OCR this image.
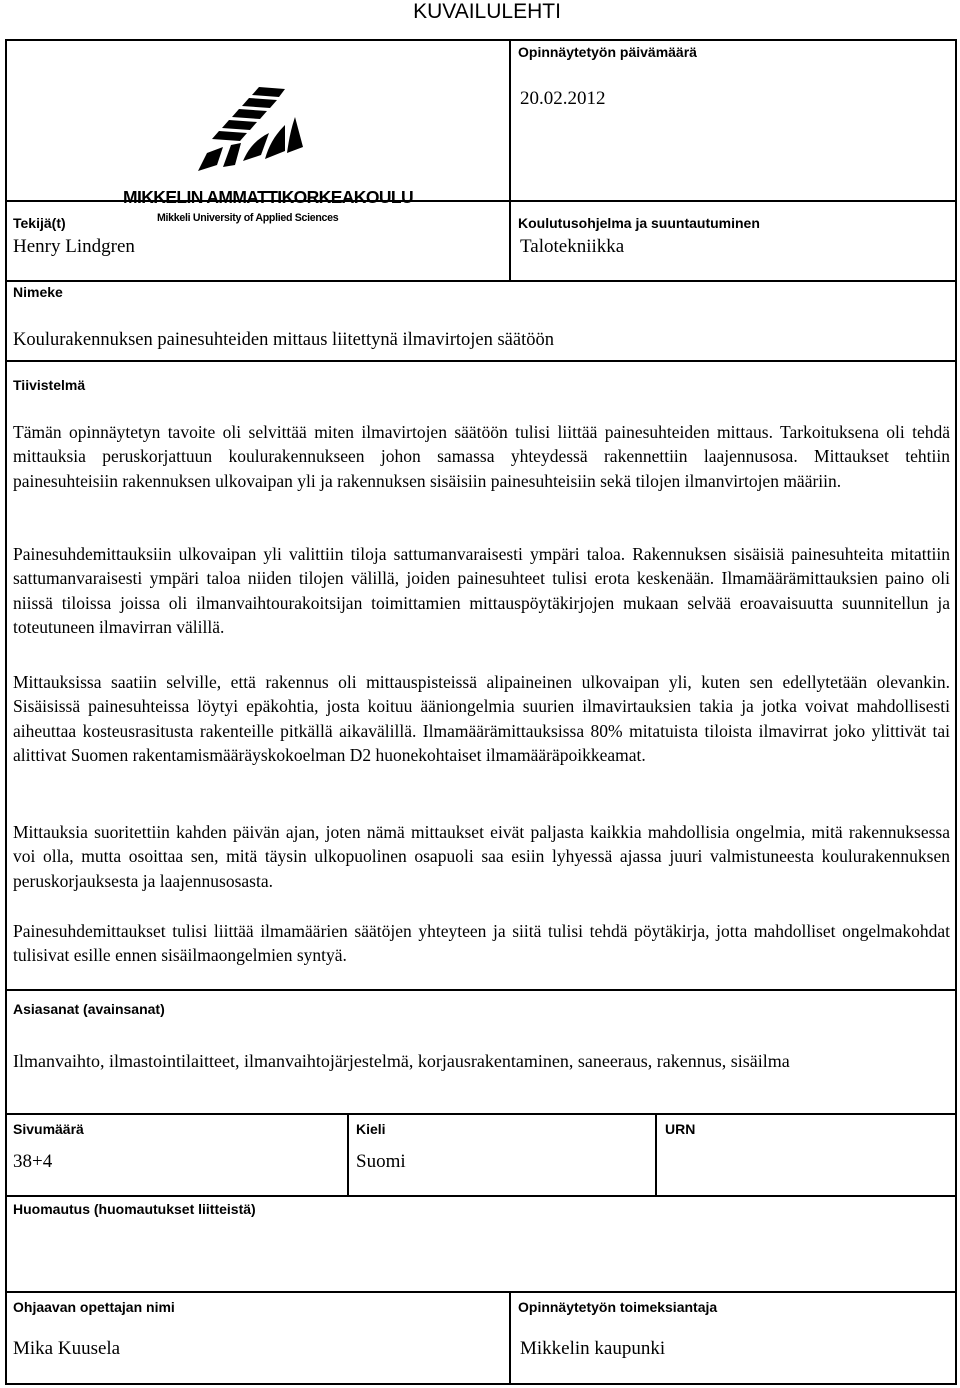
KUVAILULEHTI
MIKKELIN AMMATTIKORKEAKOULU
Mikkeli University of Applied Sciences
Opinnäytetyön päivämäärä
20.02.2012
Tekijä(t)
Henry Lindgren
Koulutusohjelma ja suuntautuminen
Talotekniikka
Nimeke
Koulurakennuksen painesuhteiden mittaus liitettynä ilmavirtojen säätöön
Tiivistelmä

Tämän opinnäytetyn tavoite oli selvittää miten ilmavirtojen säätöön tulisi liittää painesuhteiden mittaus. Tarkoituksena oli tehdä mittauksia peruskorjattuun koulurakennukseen johon samassa yhteydessä rakennettiin laajennusosa. Mittaukset tehtiin painesuhteisiin rakennuksen ulkovaipan yli ja rakennuksen sisäisiin painesuhteisiin sekä tilojen ilmanvirtojen määriin.

Painesuhdemittauksiin ulkovaipan yli valittiin tiloja sattumanvaraisesti ympäri taloa. Rakennuksen sisäisiä painesuhteita mitattiin sattumanvaraisesti ympäri taloa niiden tilojen välillä, joiden painesuhteet tulisi erota keskenään. Ilmamäärämittauksien paino oli niissä tiloissa joissa oli ilmanvaihtourakoitsijan toimittamien mittauspöytäkirjojen mukaan selvää eroavaisuutta suunnitellun ja toteutuneen ilmavirran välillä.

Mittauksissa saatiin selville, että rakennus oli mittauspisteissä alipaineinen ulkovaipan yli, kuten sen edellytetään olevankin. Sisäisissä painesuhteissa löytyi epäkohtia, josta koituu ääniongelmia suurien ilmavirtauksien takia ja jotka voivat mahdollisesti aiheuttaa kosteusrasitusta rakenteille pitkällä aikavälillä. Ilmamäärämittauksissa 80% mitatuista tiloista ilmavirrat joko ylittivät tai alittivat Suomen rakentamismääräyskokoelman D2 huonekohtaiset ilmamääräpoikkeamat.

Mittauksia suoritettiin kahden päivän ajan, joten nämä mittaukset eivät paljasta kaikkia mahdollisia ongelmia, mitä rakennuksessa voi olla, mutta osoittaa sen, mitä täysin ulkopuolinen osapuoli saa esiin lyhyessä ajassa juuri valmistuneesta koulurakennuksen peruskorjauksesta ja laajennusosasta.

Painesuhdemittaukset tulisi liittää ilmamäärien säätöjen yhteyteen ja siitä tulisi tehdä pöytäkirja, jotta mahdolliset ongelmakohdat tulisivat esille ennen sisäilmaongelmien syntyä.

Asiasanat (avainsanat)

Ilmanvaihto, ilmastointilaitteet, ilmanvaihtojärjestelmä, korjausrakentaminen, saneeraus, rakennus, sisäilma

Sivumäärä
38+4
Kieli
Suomi
URN
Huomautus (huomautukset liitteistä)
Ohjaavan opettajan nimi
Mika Kuusela
Opinnäytetyön toimeksiantaja
Mikkelin kaupunki
